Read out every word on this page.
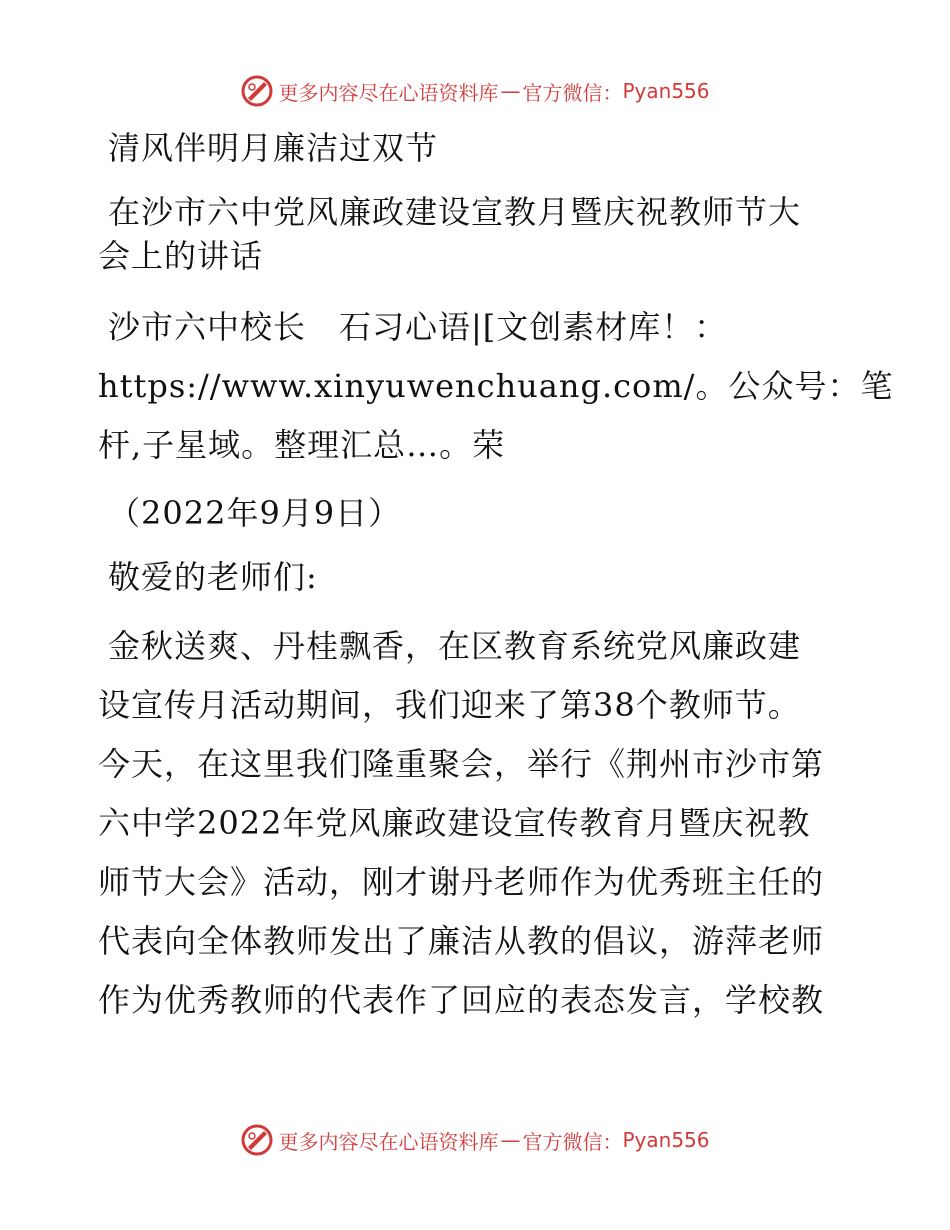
更多内容尽在心语资料库 — 官方微信： Pyan556

清风伴明月廉洁过双节

在沙市六中党风廉政建设宣教月暨庆祝教师节大

会上的讲话

沙市六中校长　石习心语|[文创素材库！：

https://www.xinyuwenchuang.com/。公众号：笔

杆,子星域。整理汇总…。荣

（2022年9月9日）

敬爱的老师们:

金秋送爽、丹桂飘香，在区教育系统党风廉政建

设宣传月活动期间，我们迎来了第38个教师节。

今天，在这里我们隆重聚会，举行《荆州市沙市第

六中学2022年党风廉政建设宣传教育月暨庆祝教

师节大会》活动，刚才谢丹老师作为优秀班主任的

代表向全体教师发出了廉洁从教的倡议，游萍老师

作为优秀教师的代表作了回应的表态发言，学校教

更多内容尽在心语资料库 — 官方微信： Pyan556
